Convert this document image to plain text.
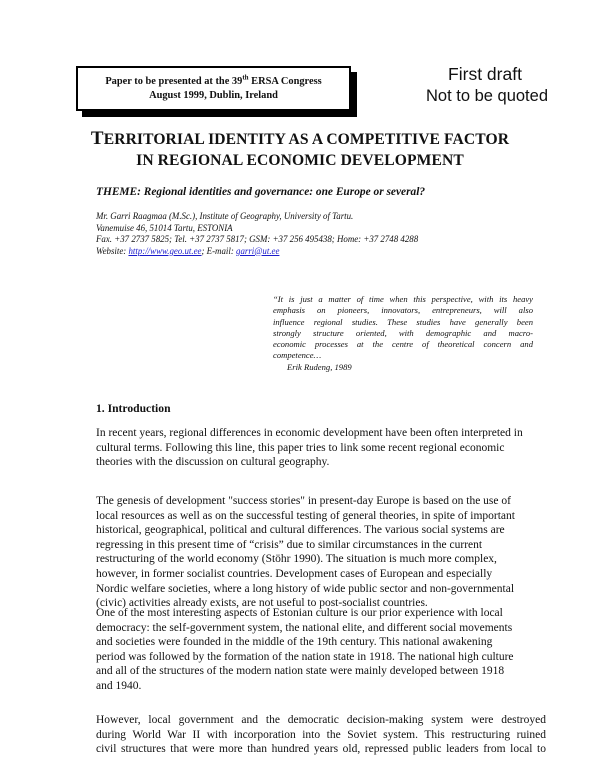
Paper to be presented at the 39th ERSA Congress
August 1999, Dublin, Ireland
First draft
Not to be quoted
TERRITORIAL IDENTITY AS A COMPETITIVE FACTOR
IN REGIONAL ECONOMIC DEVELOPMENT
THEME: Regional identities and governance: one Europe or several?
Mr. Garri Raagmaa (M.Sc.), Institute of Geography, University of Tartu.
Vanemuise 46, 51014 Tartu, ESTONIA
Fax. +37 2737 5825; Tel. +37 2737 5817; GSM: +37 256 495438; Home: +37 2748 4288
Website: http://www.geo.ut.ee; E-mail: garri@ut.ee
“It is just a matter of time when this perspective, with its heavy
emphasis on pioneers, innovators, entrepreneurs, will also
influence regional studies. These studies have generally been
strongly structure oriented, with demographic and macro-
economic processes at the centre of theoretical concern and
competence…
Erik Rudeng, 1989
1. Introduction
In recent years, regional differences in economic development have been often interpreted in
cultural terms. Following this line, this paper tries to link some recent regional economic
theories with the discussion on cultural geography.
The genesis of development "success stories" in present-day Europe is based on the use of
local resources as well as on the successful testing of general theories, in spite of important
historical, geographical, political and cultural differences. The various social systems are
regressing in this present time of “crisis” due to similar circumstances in the current
restructuring of the world economy (Stöhr 1990). The situation is much more complex,
however, in former socialist countries. Development cases of European and especially
Nordic welfare societies, where a long history of wide public sector and non-governmental
(civic) activities already exists, are not useful to post-socialist countries.
One of the most interesting aspects of Estonian culture is our prior experience with local
democracy: the self-government system, the national elite, and different social movements
and societies were founded in the middle of the 19th century. This national awakening
period was followed by the formation of the nation state in 1918. The national high culture
and all of the structures of the modern nation state were mainly developed between 1918
and 1940.
However, local government and the democratic decision-making system were destroyed
during World War II with incorporation into the Soviet system. This restructuring ruined
civil structures that were more than hundred years old, repressed public leaders from local to
